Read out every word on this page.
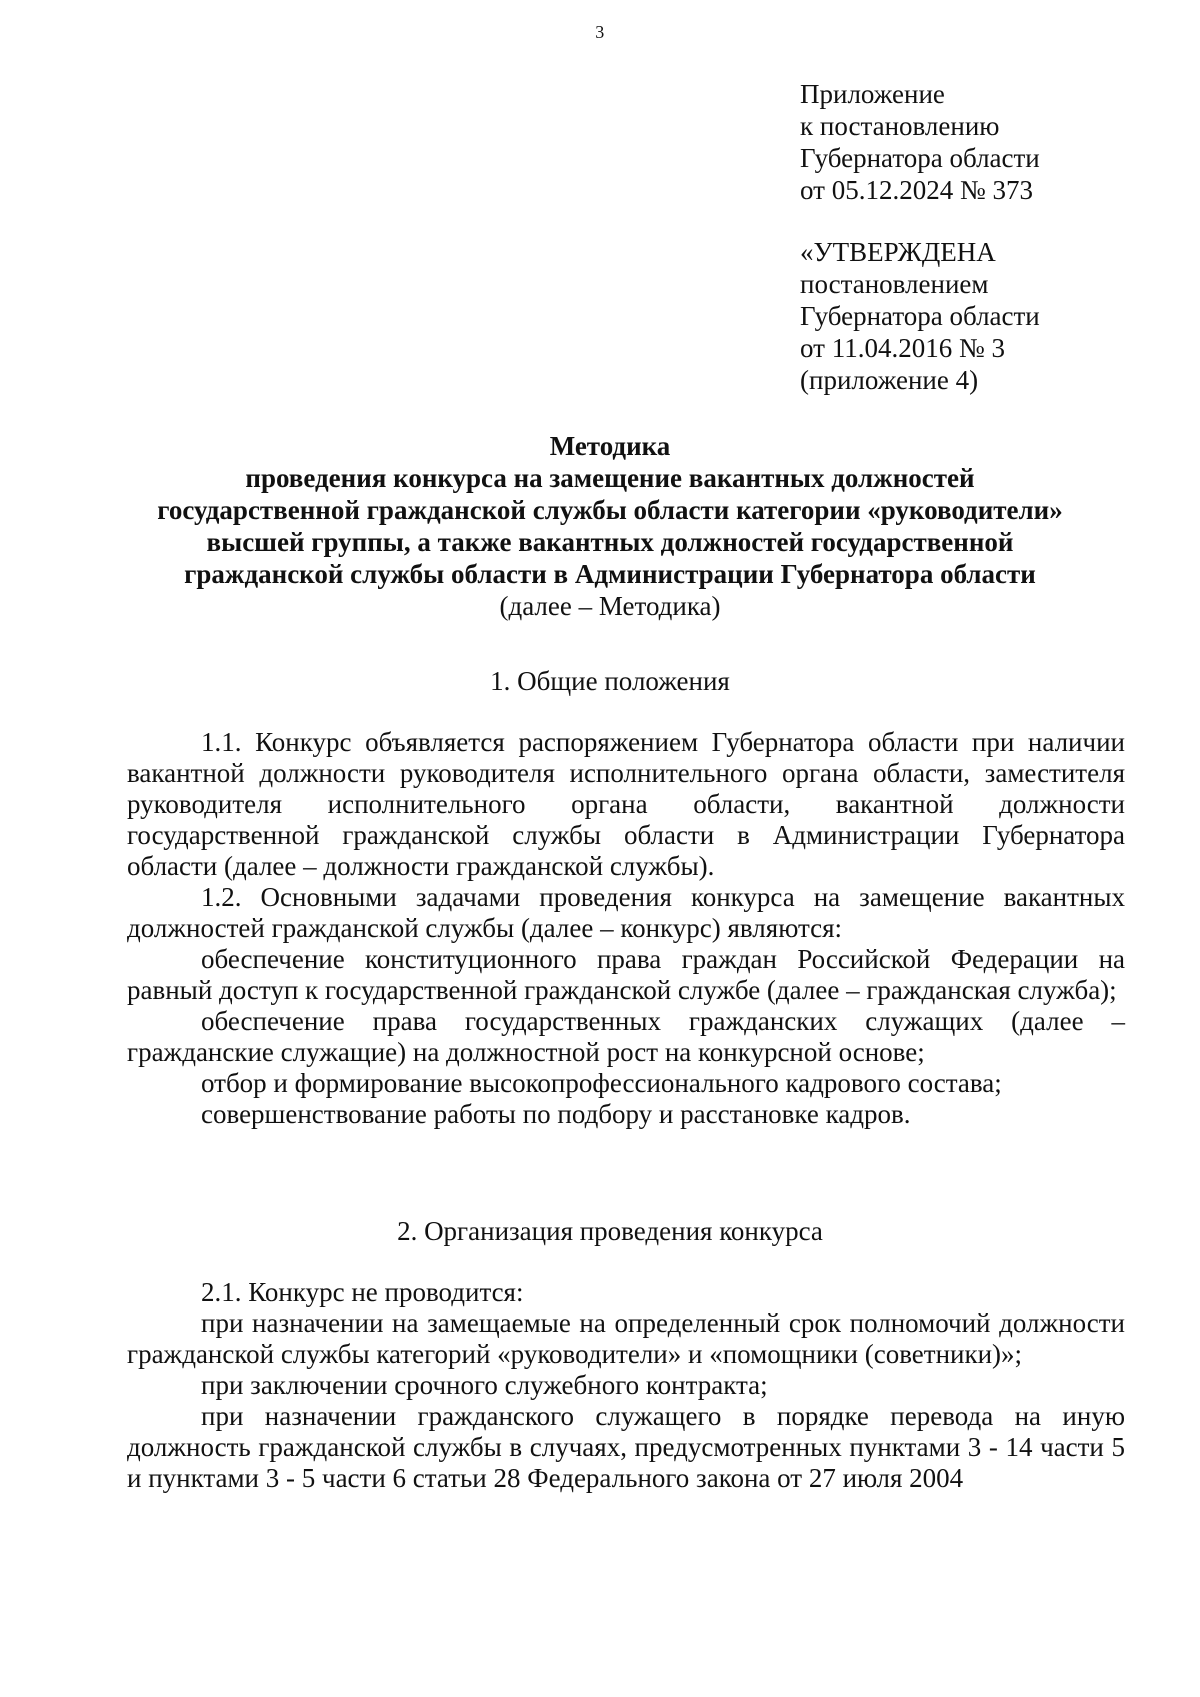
3
Приложение
к постановлению
Губернатора области
от 05.12.2024 № 373
«УТВЕРЖДЕНА
постановлением
Губернатора области
от 11.04.2016 № 3
(приложение 4)
Методика
проведения конкурса на замещение вакантных должностей
государственной гражданской службы области категории «руководители»
высшей группы, а также вакантных должностей государственной
гражданской службы области в Администрации Губернатора области
(далее – Методика)
1. Общие положения

1.1. Конкурс объявляется распоряжением Губернатора области при наличии вакантной должности руководителя исполнительного органа области, заместителя руководителя исполнительного органа области, вакантной должности государственной гражданской службы области в Администрации Губернатора области (далее – должности гражданской службы).

1.2. Основными задачами проведения конкурса на замещение вакантных должностей гражданской службы (далее – конкурс) являются:

обеспечение конституционного права граждан Российской Федерации на равный доступ к государственной гражданской службе (далее – гражданская служба);

обеспечение права государственных гражданских служащих (далее – гражданские служащие) на должностной рост на конкурсной основе;

отбор и формирование высокопрофессионального кадрового состава;

совершенствование работы по подбору и расстановке кадров.

2. Организация проведения конкурса

2.1. Конкурс не проводится:

при назначении на замещаемые на определенный срок полномочий должности гражданской службы категорий «руководители» и «помощники (советники)»;

при заключении срочного служебного контракта;

при назначении гражданского служащего в порядке перевода на иную должность гражданской службы в случаях, предусмотренных пунктами 3 - 14 части 5 и пунктами 3 - 5 части 6 статьи 28 Федерального закона от 27 июля 2004
